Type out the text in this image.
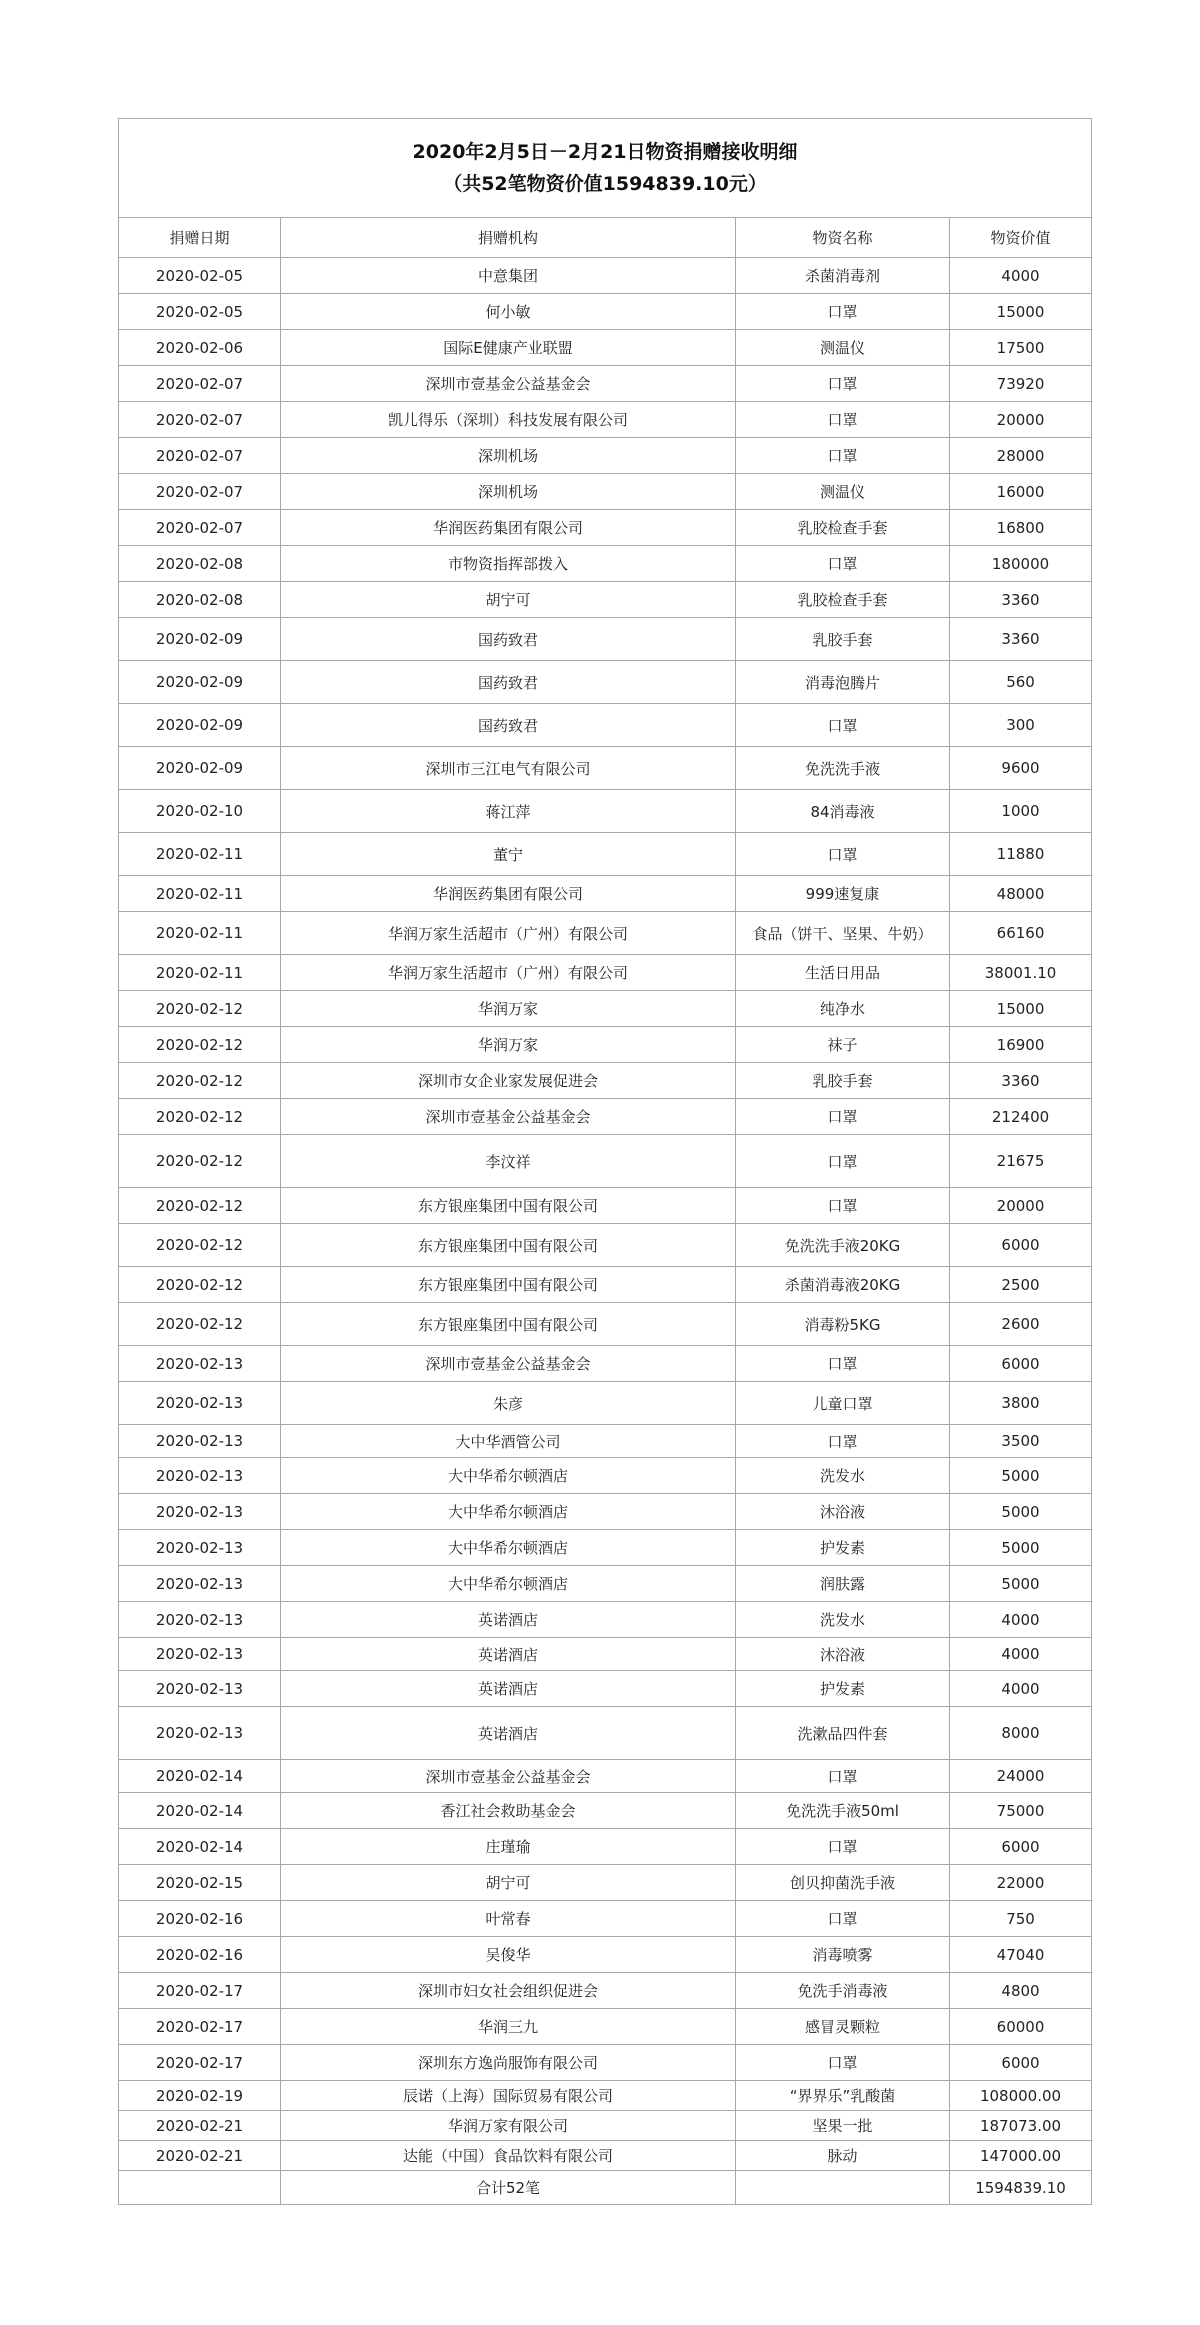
2020年2月5日－2月21日物资捐赠接收明细
（共52笔物资价值1594839.10元）			

捐赠日期	捐赠机构	物资名称	物资价值
2020-02-05	中意集团	杀菌消毒剂	4000
2020-02-05	何小敏	口罩	15000
2020-02-06	国际E健康产业联盟	测温仪	17500
2020-02-07	深圳市壹基金公益基金会	口罩	73920
2020-02-07	凯儿得乐（深圳）科技发展有限公司	口罩	20000
2020-02-07	深圳机场	口罩	28000
2020-02-07	深圳机场	测温仪	16000
2020-02-07	华润医药集团有限公司	乳胶检查手套	16800
2020-02-08	市物资指挥部拨入	口罩	180000
2020-02-08	胡宁可	乳胶检查手套	3360
2020-02-09	国药致君	乳胶手套	3360
2020-02-09	国药致君	消毒泡腾片	560
2020-02-09	国药致君	口罩	300
2020-02-09	深圳市三江电气有限公司	免洗洗手液	9600
2020-02-10	蒋江萍	84消毒液	1000
2020-02-11	董宁	口罩	11880
2020-02-11	华润医药集团有限公司	999速复康	48000
2020-02-11	华润万家生活超市（广州）有限公司	食品（饼干、坚果、牛奶）	66160
2020-02-11	华润万家生活超市（广州）有限公司	生活日用品	38001.10
2020-02-12	华润万家	纯净水	15000
2020-02-12	华润万家	袜子	16900
2020-02-12	深圳市女企业家发展促进会	乳胶手套	3360
2020-02-12	深圳市壹基金公益基金会	口罩	212400
2020-02-12	李汶祥	口罩	21675
2020-02-12	东方银座集团中国有限公司	口罩	20000
2020-02-12	东方银座集团中国有限公司	免洗洗手液20KG	6000
2020-02-12	东方银座集团中国有限公司	杀菌消毒液20KG	2500
2020-02-12	东方银座集团中国有限公司	消毒粉5KG	2600
2020-02-13	深圳市壹基金公益基金会	口罩	6000
2020-02-13	朱彦	儿童口罩	3800
2020-02-13	大中华酒管公司	口罩	3500
2020-02-13	大中华希尔顿酒店	洗发水	5000
2020-02-13	大中华希尔顿酒店	沐浴液	5000
2020-02-13	大中华希尔顿酒店	护发素	5000
2020-02-13	大中华希尔顿酒店	润肤露	5000
2020-02-13	英诺酒店	洗发水	4000
2020-02-13	英诺酒店	沐浴液	4000
2020-02-13	英诺酒店	护发素	4000
2020-02-13	英诺酒店	洗漱品四件套	8000
2020-02-14	深圳市壹基金公益基金会	口罩	24000
2020-02-14	香江社会救助基金会	免洗洗手液50ml	75000
2020-02-14	庄瑾瑜	口罩	6000
2020-02-15	胡宁可	创贝抑菌洗手液	22000
2020-02-16	叶常春	口罩	750
2020-02-16	吴俊华	消毒喷雾	47040
2020-02-17	深圳市妇女社会组织促进会	免洗手消毒液	4800
2020-02-17	华润三九	感冒灵颗粒	60000
2020-02-17	深圳东方逸尚服饰有限公司	口罩	6000
2020-02-19	辰诺（上海）国际贸易有限公司	“界界乐”乳酸菌	108000.00
2020-02-21	华润万家有限公司	坚果一批	187073.00
2020-02-21	达能（中国）食品饮料有限公司	脉动	147000.00
	合计52笔		1594839.10
